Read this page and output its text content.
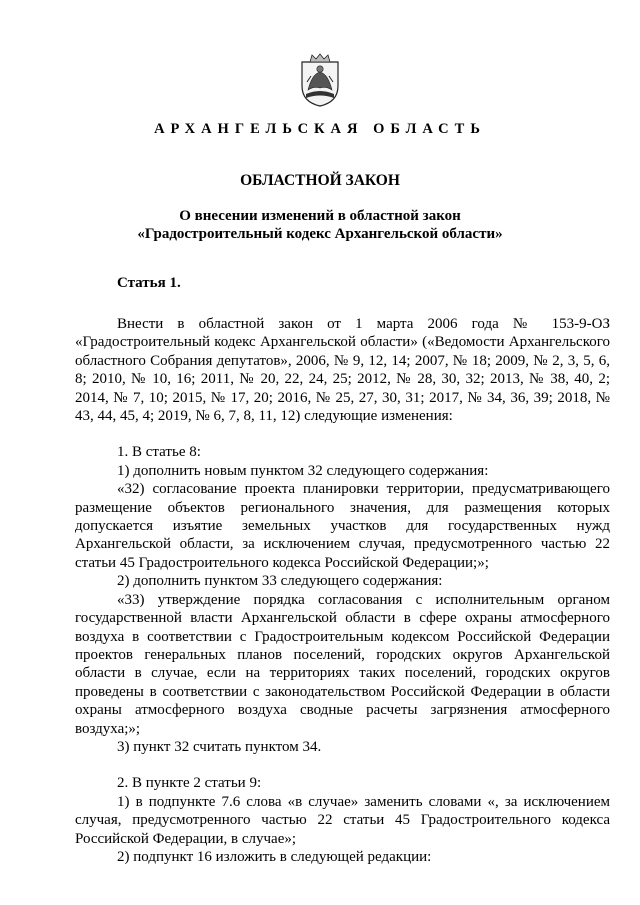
АРХАНГЕЛЬСКАЯ ОБЛАСТЬ
ОБЛАСТНОЙ ЗАКОН
О внесении изменений в областной закон
«Градостроительный кодекс Архангельской области»
Статья 1.

Внести в областной закон от 1 марта 2006 года № 153-9-ОЗ «Градостроительный кодекс Архангельской области» («Ведомости Архангельского областного Собрания депутатов», 2006, № 9, 12, 14; 2007, № 18; 2009, № 2, 3, 5, 6, 8; 2010, № 10, 16; 2011, № 20, 22, 24, 25; 2012, № 28, 30, 32; 2013, № 38, 40, 2; 2014, № 7, 10; 2015, № 17, 20; 2016, № 25, 27, 30, 31; 2017, № 34, 36, 39; 2018, № 43, 44, 45, 4; 2019, № 6, 7, 8, 11, 12) следующие изменения:

1. В статье 8:

1) дополнить новым пунктом 32 следующего содержания:

«32) согласование проекта планировки территории, предусматривающего размещение объектов регионального значения, для размещения которых допускается изъятие земельных участков для государственных нужд Архангельской области, за исключением случая, предусмотренного частью 22 статьи 45 Градостроительного кодекса Российской Федерации;»;

2) дополнить пунктом 33 следующего содержания:

«33) утверждение порядка согласования с исполнительным органом государственной власти Архангельской области в сфере охраны атмосферного воздуха в соответствии с Градостроительным кодексом Российской Федерации проектов генеральных планов поселений, городских округов Архангельской области в случае, если на территориях таких поселений, городских округов проведены в соответствии с законодательством Российской Федерации в области охраны атмосферного воздуха сводные расчеты загрязнения атмосферного воздуха;»;

3) пункт 32 считать пунктом 34.

2. В пункте 2 статьи 9:

1) в подпункте 7.6 слова «в случае» заменить словами «, за исключением случая, предусмотренного частью 22 статьи 45 Градостроительного кодекса Российской Федерации, в случае»;

2) подпункт 16 изложить в следующей редакции:
